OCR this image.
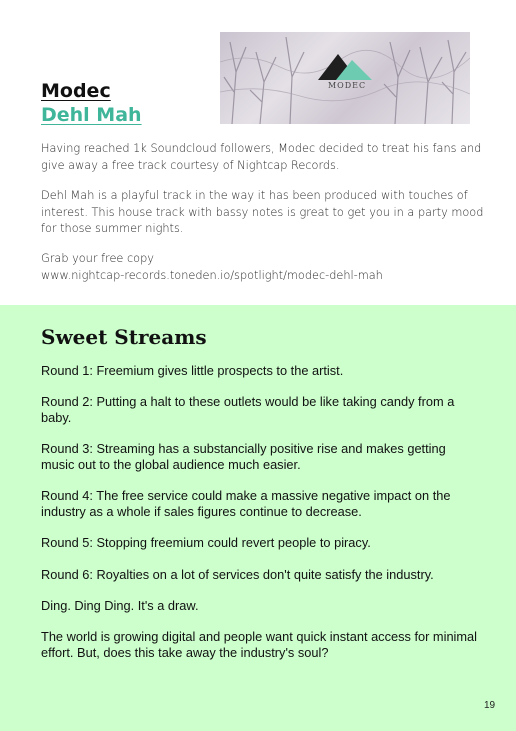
MODEC
Modec
Dehl Mah

Having reached 1k Soundcloud followers, Modec decided to treat his fans and give away a free track courtesy of Nightcap Records.

Dehl Mah is a playful track in the way it has been produced with touches of interest. This house track with bassy notes is great to get you in a party mood for those summer nights.

Grab your free copy
www.nightcap-records.toneden.io/spotlight/modec-dehl-mah

Sweet Streams

Round 1: Freemium gives little prospects to the artist.

Round 2: Putting a halt to these outlets would be like taking candy from a baby.

Round 3: Streaming has a substancially positive rise and makes getting music out to the global audience much easier.

Round 4: The free service could make a massive negative impact on the industry as a whole if sales figures continue to decrease.

Round 5: Stopping freemium could revert people to piracy.

Round 6: Royalties on a lot of services don't quite satisfy the industry.

Ding. Ding Ding. It's a draw.

The world is growing digital and people want quick instant access for minimal effort. But, does this take away the industry's soul?

19
